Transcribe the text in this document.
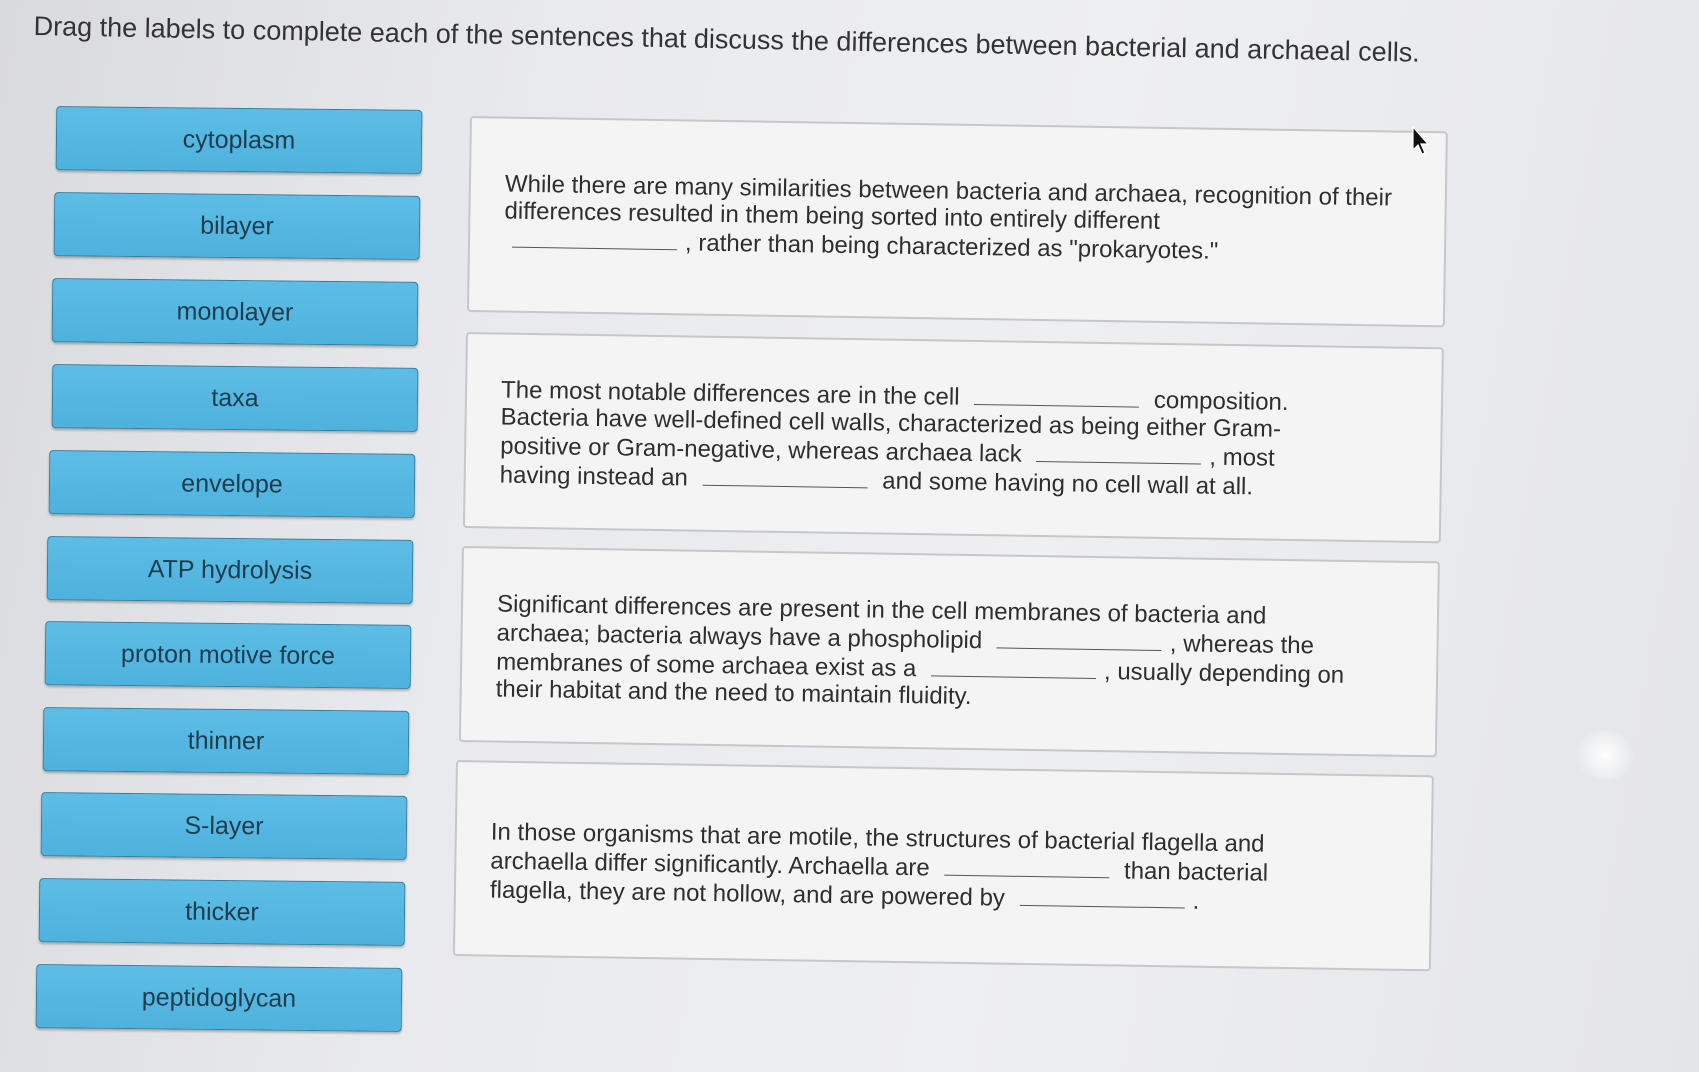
Drag the labels to complete each of the sentences that discuss the differences between bacterial and archaeal cells.
cytoplasm
bilayer
monolayer
taxa
envelope
ATP hydrolysis
proton motive force
thinner
S-layer
thicker
peptidoglycan
While there are many similarities between bacteria and archaea, recognition of their differences resulted in them being sorted into entirely different
, rather than being characterized as "prokaryotes."
The most notable differences are in the cell	composition. Bacteria have well-defined cell walls, characterized as being either Gram-positive or Gram-negative, whereas archaea lack	, most having instead an	and some having no cell wall at all.
Significant differences are present in the cell membranes of bacteria and archaea; bacteria always have a phospholipid	, whereas the membranes of some archaea exist as a	, usually depending on their habitat and the need to maintain fluidity.
In those organisms that are motile, the structures of bacterial flagella and archaella differ significantly. Archaella are	than bacterial flagella, they are not hollow, and are powered by	.
